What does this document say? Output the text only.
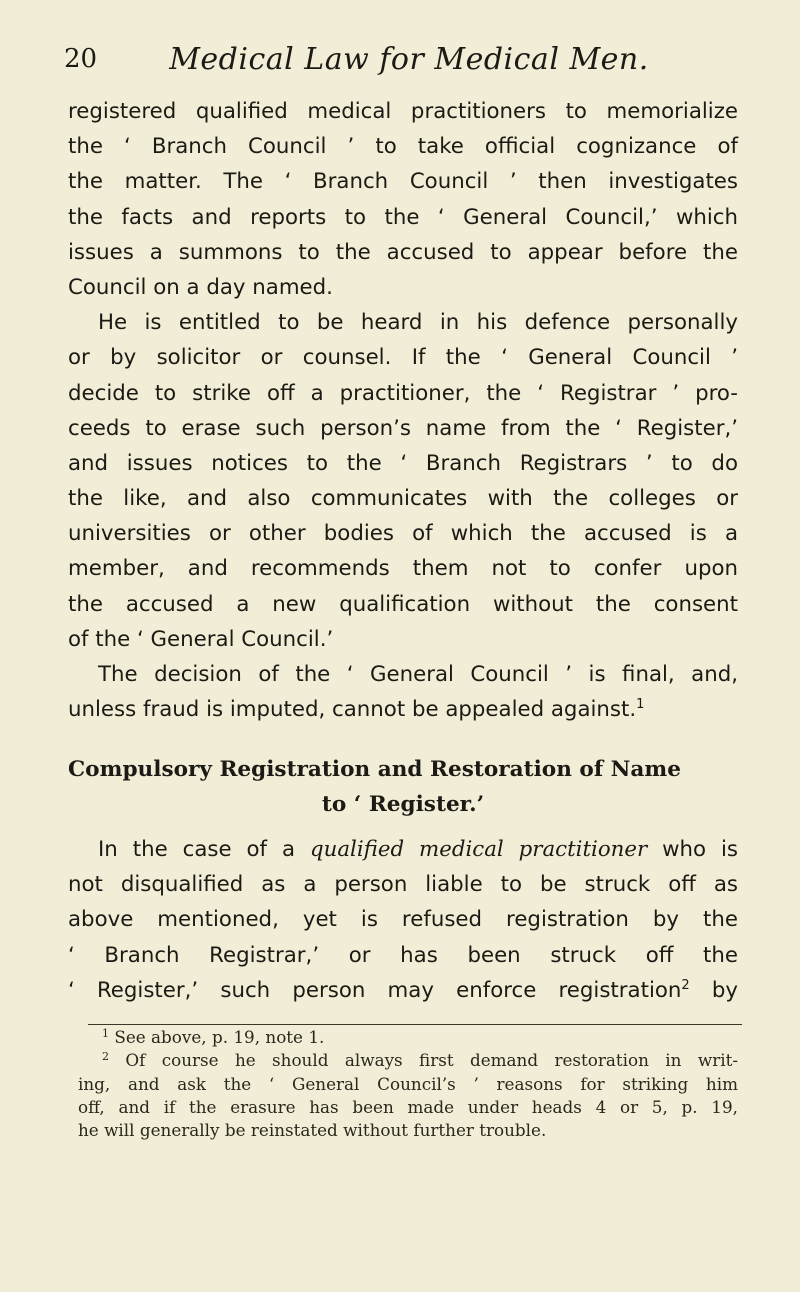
20	Medical Law for Medical Men.
registered qualified medical practitioners to memorialize
the ‘ Branch Council ’ to take official cognizance of
the matter. The ‘ Branch Council ’ then investigates
the facts and reports to the ‘ General Council,’ which
issues a summons to the accused to appear before the
Council on a day named.
He is entitled to be heard in his defence personally
or by solicitor or counsel. If the ‘ General Council ’
decide to strike off a practitioner, the ‘ Registrar ’ pro-
ceeds to erase such person’s name from the ‘ Register,’
and issues notices to the ‘ Branch Registrars ’ to do
the like, and also communicates with the colleges or
universities or other bodies of which the accused is a
member, and recommends them not to confer upon
the accused a new qualification without the consent
of the ‘ General Council.’
The decision of the ‘ General Council ’ is final, and,
unless fraud is imputed, cannot be appealed against.$^1$
Compulsory Registration and Restoration of Name
to ‘ Register.’
In the case of a qualified medical practitioner who is
not disqualified as a person liable to be struck off as
above mentioned, yet is refused registration by the
‘ Branch Registrar,’ or has been struck off the
‘ Register,’ such person may enforce registration$^2$ by
$^1$ See above, p. 19, note 1.
$^2$ Of course he should always first demand restoration in writ-
ing, and ask the ‘ General Council’s ’ reasons for striking him
off, and if the erasure has been made under heads 4 or 5, p. 19,
he will generally be reinstated without further trouble.
